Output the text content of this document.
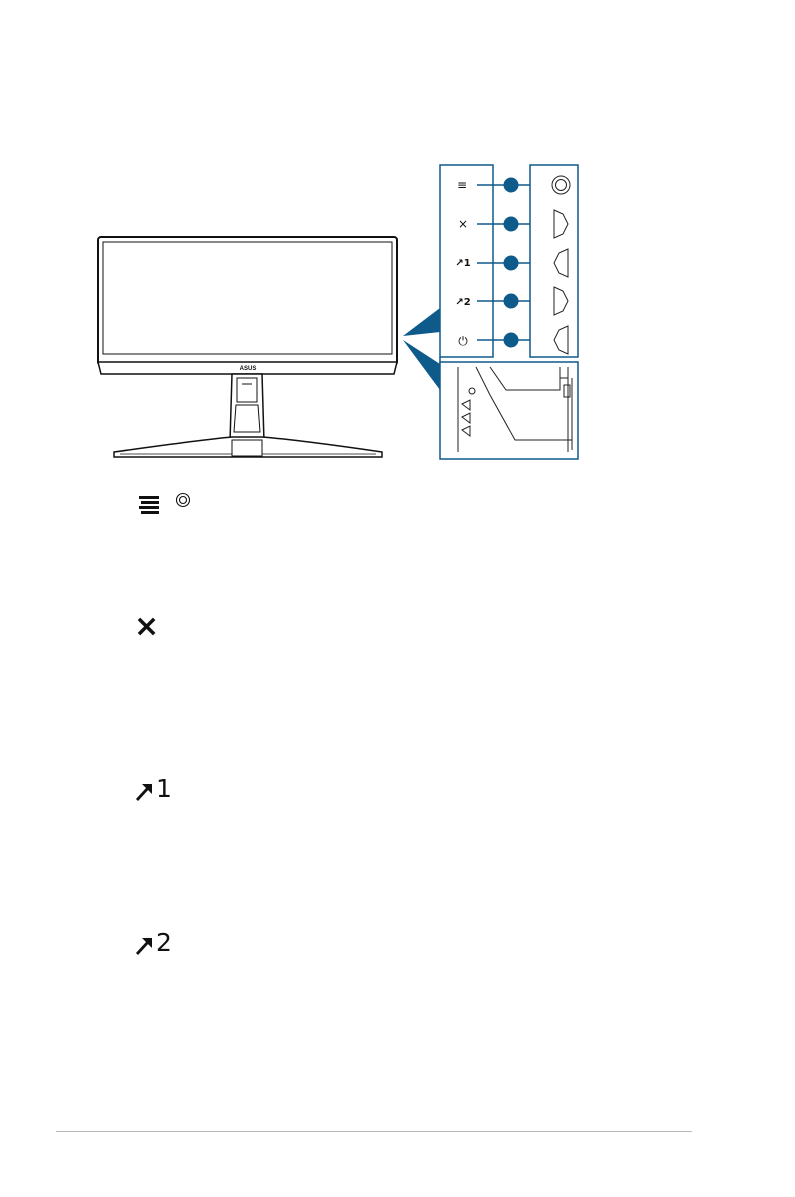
ASUS
≡
×
↗1
↗2
⏻
×
1
2
